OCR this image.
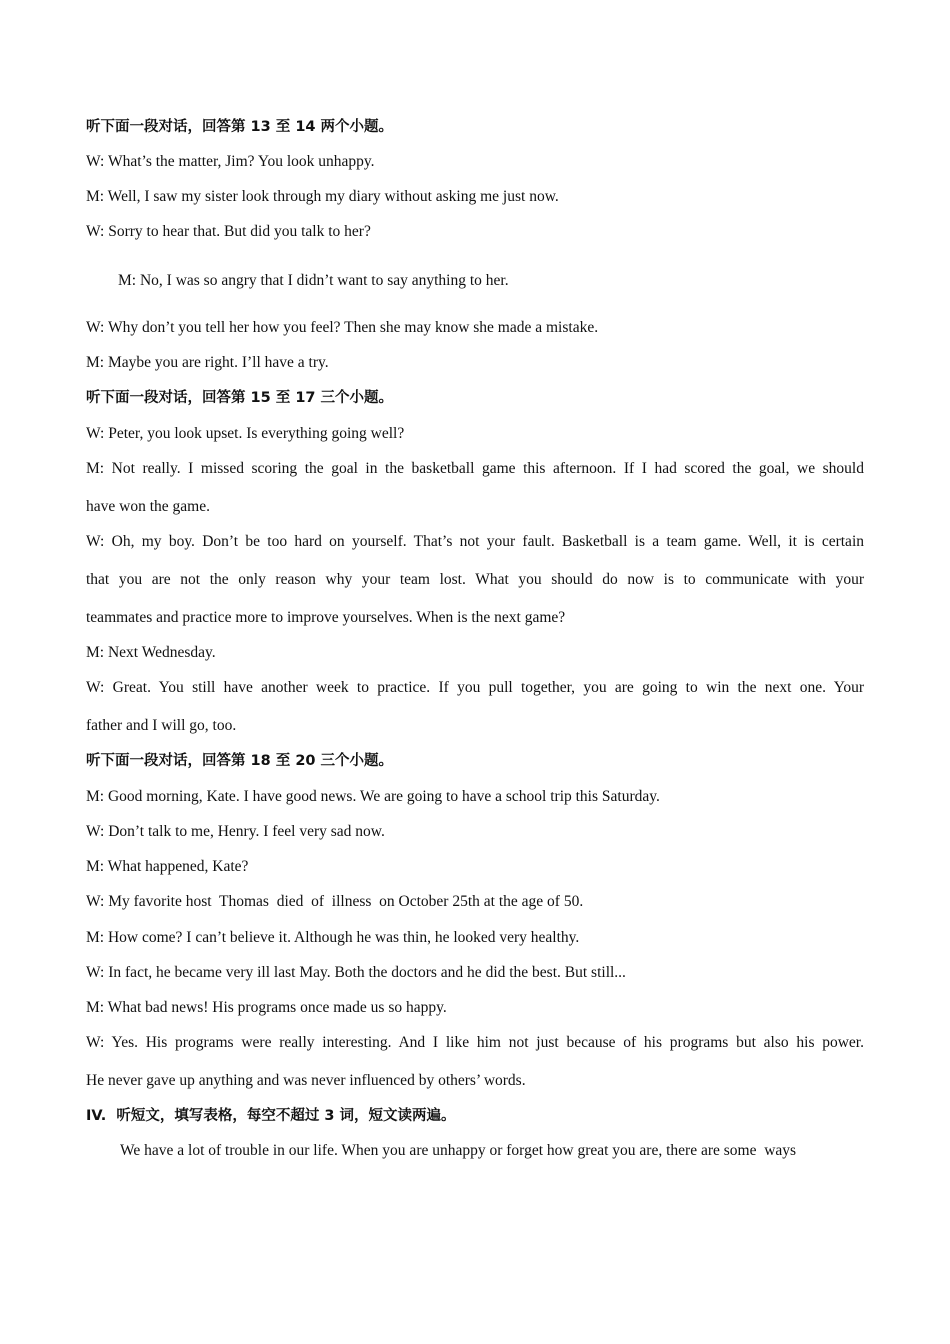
听下面一段对话，回答第 13 至 14 两个小题。
W: What’s the matter, Jim? You look unhappy.
M: Well, I saw my sister look through my diary without asking me just now.
W: Sorry to hear that. But did you talk to her?
M: No, I was so angry that I didn’t want to say anything to her.
W: Why don’t you tell her how you feel? Then she may know she made a mistake.
M: Maybe you are right. I’ll have a try.
听下面一段对话，回答第 15 至 17 三个小题。
W: Peter, you look upset. Is everything going well?
M: Not really. I missed scoring the goal in the basketball game this afternoon. If I had scored the goal, we should
have won the game.
W: Oh, my boy. Don’t be too hard on yourself. That’s not your fault. Basketball is a team game. Well, it is certain
that you are not the only reason why your team lost. What you should do now is to communicate with your
teammates and practice more to improve yourselves. When is the next game?
M: Next Wednesday.
W: Great. You still have another week to practice. If you pull together, you are going to win the next one. Your
father and I will go, too.
听下面一段对话，回答第 18 至 20 三个小题。
M: Good morning, Kate. I have good news. We are going to have a school trip this Saturday.
W: Don’t talk to me, Henry. I feel very sad now.
M: What happened, Kate?
W: My favorite host  Thomas  died  of  illness  on October 25th at the age of 50.
M: How come? I can’t believe it. Although he was thin, he looked very healthy.
W: In fact, he became very ill last May. Both the doctors and he did the best. But still...
M: What bad news! His programs once made us so happy.
W: Yes. His programs were really interesting. And I like him not just because of his programs but also his power.
He never gave up anything and was never influenced by others’ words.
IV.  听短文，填写表格，每空不超过 3 词，短文读两遍。
We have a lot of trouble in our life. When you are unhappy or forget how great you are, there are some  ways
